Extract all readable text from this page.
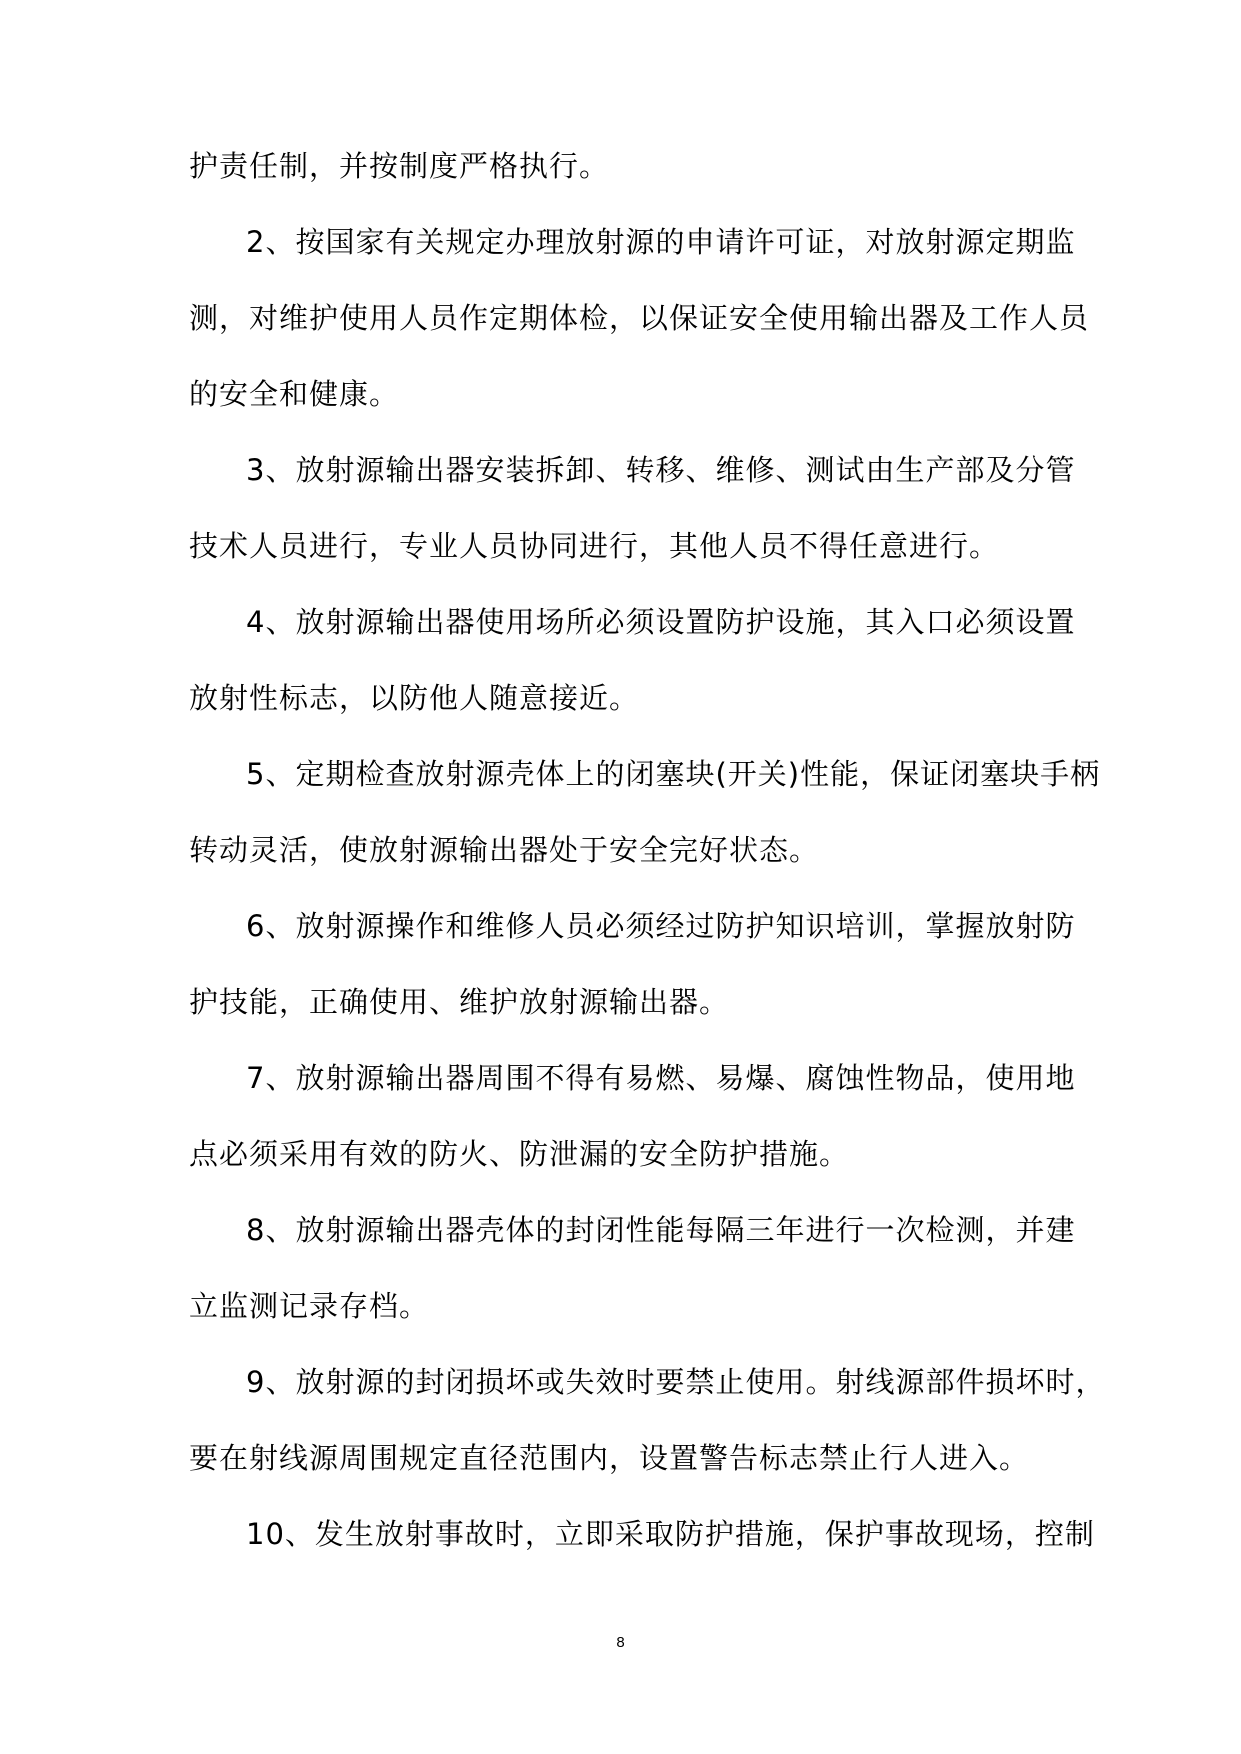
护责任制，并按制度严格执行。
2、按国家有关规定办理放射源的申请许可证，对放射源定期监
测，对维护使用人员作定期体检，以保证安全使用输出器及工作人员
的安全和健康。
3、放射源输出器安装拆卸、转移、维修、测试由生产部及分管
技术人员进行，专业人员协同进行，其他人员不得任意进行。
4、放射源输出器使用场所必须设置防护设施，其入口必须设置
放射性标志，以防他人随意接近。
5、定期检查放射源壳体上的闭塞块(开关)性能，保证闭塞块手柄
转动灵活，使放射源输出器处于安全完好状态。
6、放射源操作和维修人员必须经过防护知识培训，掌握放射防
护技能，正确使用、维护放射源输出器。
7、放射源输出器周围不得有易燃、易爆、腐蚀性物品，使用地
点必须采用有效的防火、防泄漏的安全防护措施。
8、放射源输出器壳体的封闭性能每隔三年进行一次检测，并建
立监测记录存档。
9、放射源的封闭损坏或失效时要禁止使用。射线源部件损坏时，
要在射线源周围规定直径范围内，设置警告标志禁止行人进入。
10、发生放射事故时，立即采取防护措施，保护事故现场，控制
8
